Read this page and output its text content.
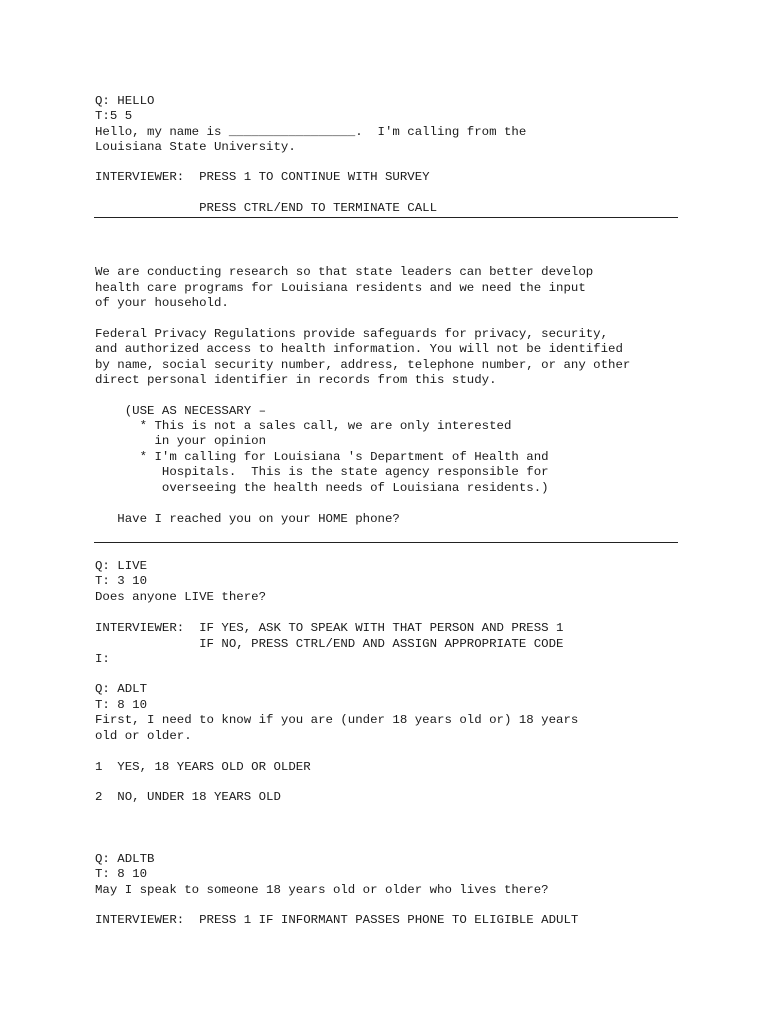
Q: HELLO
T:5 5
Hello, my name is _________________.  I'm calling from the
Louisiana State University.
INTERVIEWER:  PRESS 1 TO CONTINUE WITH SURVEY
PRESS CTRL/END TO TERMINATE CALL
We are conducting research so that state leaders can better develop
health care programs for Louisiana residents and we need the input
of your household.
Federal Privacy Regulations provide safeguards for privacy, security,
and authorized access to health information. You will not be identified
by name, social security number, address, telephone number, or any other
direct personal identifier in records from this study.
(USE AS NECESSARY –
* This is not a sales call, we are only interested
in your opinion
* I'm calling for Louisiana 's Department of Health and
Hospitals.  This is the state agency responsible for
overseeing the health needs of Louisiana residents.)
Have I reached you on your HOME phone?
Q: LIVE
T: 3 10
Does anyone LIVE there?
INTERVIEWER:  IF YES, ASK TO SPEAK WITH THAT PERSON AND PRESS 1
IF NO, PRESS CTRL/END AND ASSIGN APPROPRIATE CODE
I:
Q: ADLT
T: 8 10
First, I need to know if you are (under 18 years old or) 18 years
old or older.
1  YES, 18 YEARS OLD OR OLDER
2  NO, UNDER 18 YEARS OLD
Q: ADLTB
T: 8 10
May I speak to someone 18 years old or older who lives there?
INTERVIEWER:  PRESS 1 IF INFORMANT PASSES PHONE TO ELIGIBLE ADULT
